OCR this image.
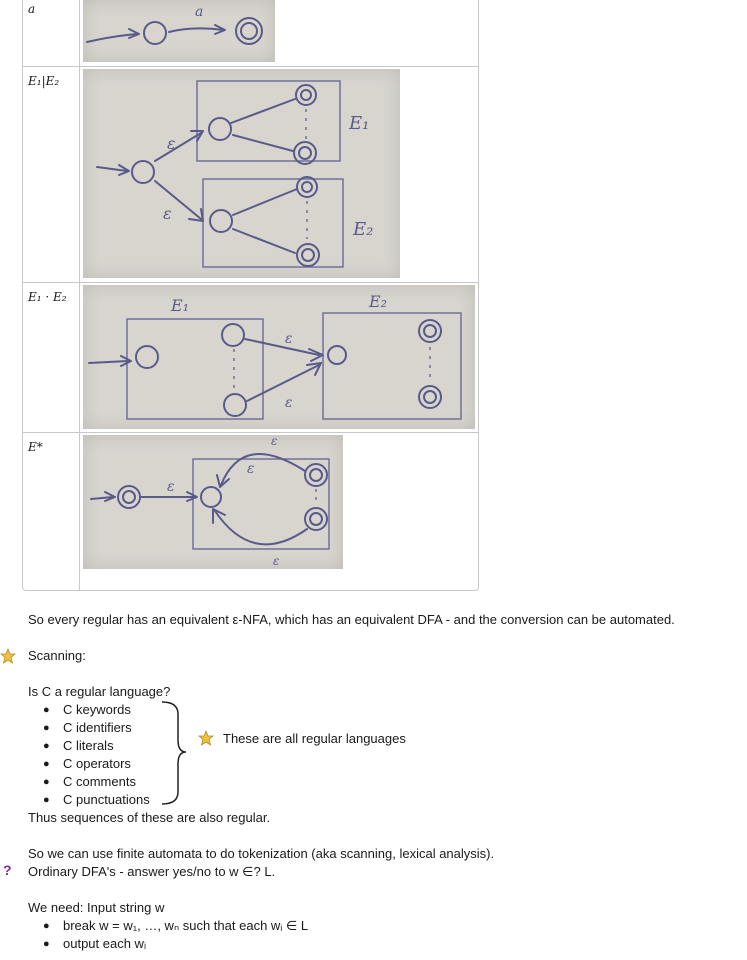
a
E₁|E₂
E₁ · E₂
E*
a
ε
ε
E₁
E₂
E₁	E₂
ε
ε
ε
ε
ε
ε
So every regular has an equivalent ε-NFA, which has an equivalent DFA - and the conversion can be automated.
Scanning:
Is C a regular language?
● C keywords
● C identifiers
● C literals
● C operators
● C comments
● C punctuations
These are all regular languages
Thus sequences of these are also regular.
So we can use finite automata to do tokenization (aka scanning, lexical analysis).
? Ordinary DFA's - answer yes/no to w ∈? L.
We need: Input string w
● break w = w₁, …, wₙ such that each wᵢ ∈ L
● output each wᵢ
